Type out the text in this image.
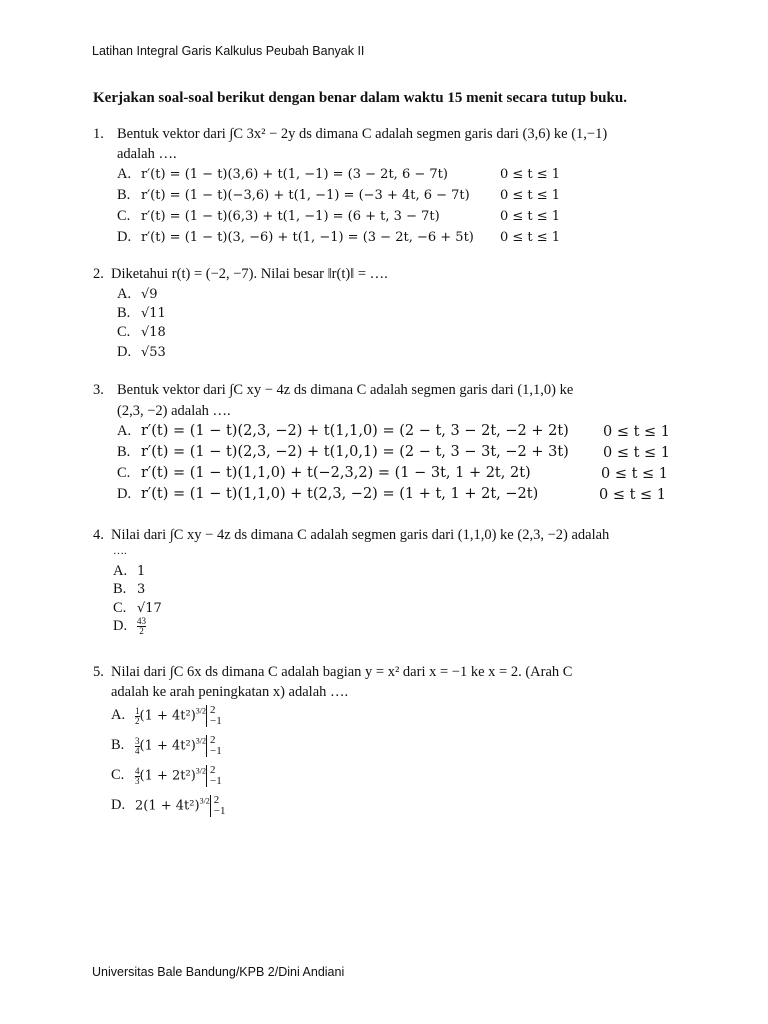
Latihan Integral Garis Kalkulus Peubah Banyak II
Kerjakan soal-soal berikut dengan benar dalam waktu 15 menit secara tutup buku.
1. Bentuk vektor dari ∫C 3x² − 2y ds dimana C adalah segmen garis dari (3,6) ke (1,−1)
adalah ….
A. r′(t) = (1 − t)(3,6) + t(1, −1) = (3 − 2t, 6 − 7t)	0 ≤ t ≤ 1
B. r′(t) = (1 − t)(−3,6) + t(1, −1) = (−3 + 4t, 6 − 7t) 0 ≤ t ≤ 1
C. r′(t) = (1 − t)(6,3) + t(1, −1) = (6 + t, 3 − 7t)	0 ≤ t ≤ 1
D. r′(t) = (1 − t)(3, −6) + t(1, −1) = (3 − 2t, −6 + 5t) 0 ≤ t ≤ 1
2. Diketahui r(t) = (−2, −7). Nilai besar ‖r(t)‖ = ….
A. √9
B. √11
C. √18
D. √53
3. Bentuk vektor dari ∫C xy − 4z ds dimana C adalah segmen garis dari (1,1,0) ke
(2,3, −2) adalah ….
A. r′(t) = (1 − t)(2,3, −2) + t(1,1,0) = (2 − t, 3 − 2t, −2 + 2t) 0 ≤ t ≤ 1
B. r′(t) = (1 − t)(2,3, −2) + t(1,0,1) = (2 − t, 3 − 3t, −2 + 3t) 0 ≤ t ≤ 1
C. r′(t) = (1 − t)(1,1,0) + t(−2,3,2) = (1 − 3t, 1 + 2t, 2t)	0 ≤ t ≤ 1
D. r′(t) = (1 − t)(1,1,0) + t(2,3, −2) = (1 + t, 1 + 2t, −2t)	0 ≤ t ≤ 1
4. Nilai dari ∫C xy − 4z ds dimana C adalah segmen garis dari (1,1,0) ke (2,3, −2) adalah
….
A. 1
B. 3
C. √17
D. $\frac{43}{2}$
5. Nilai dari ∫C 6x ds dimana C adalah bagian y = x² dari x = −1 ke x = 2. (Arah C
adalah ke arah peningkatan x) adalah ….
A. $\frac{1}{2} (1 + 4t^2)^{3/2}$ 2
−1
B. $\frac{3}{4} (1 + 4t^2)^{3/2}$ 2
−1
C. $\frac{4}{3} (1 + 2t^2)^{3/2}$ 2
−1
D. $2(1 + 4t^2)^{3/2}$ 2
−1
Universitas Bale Bandung/KPB 2/Dini Andiani
